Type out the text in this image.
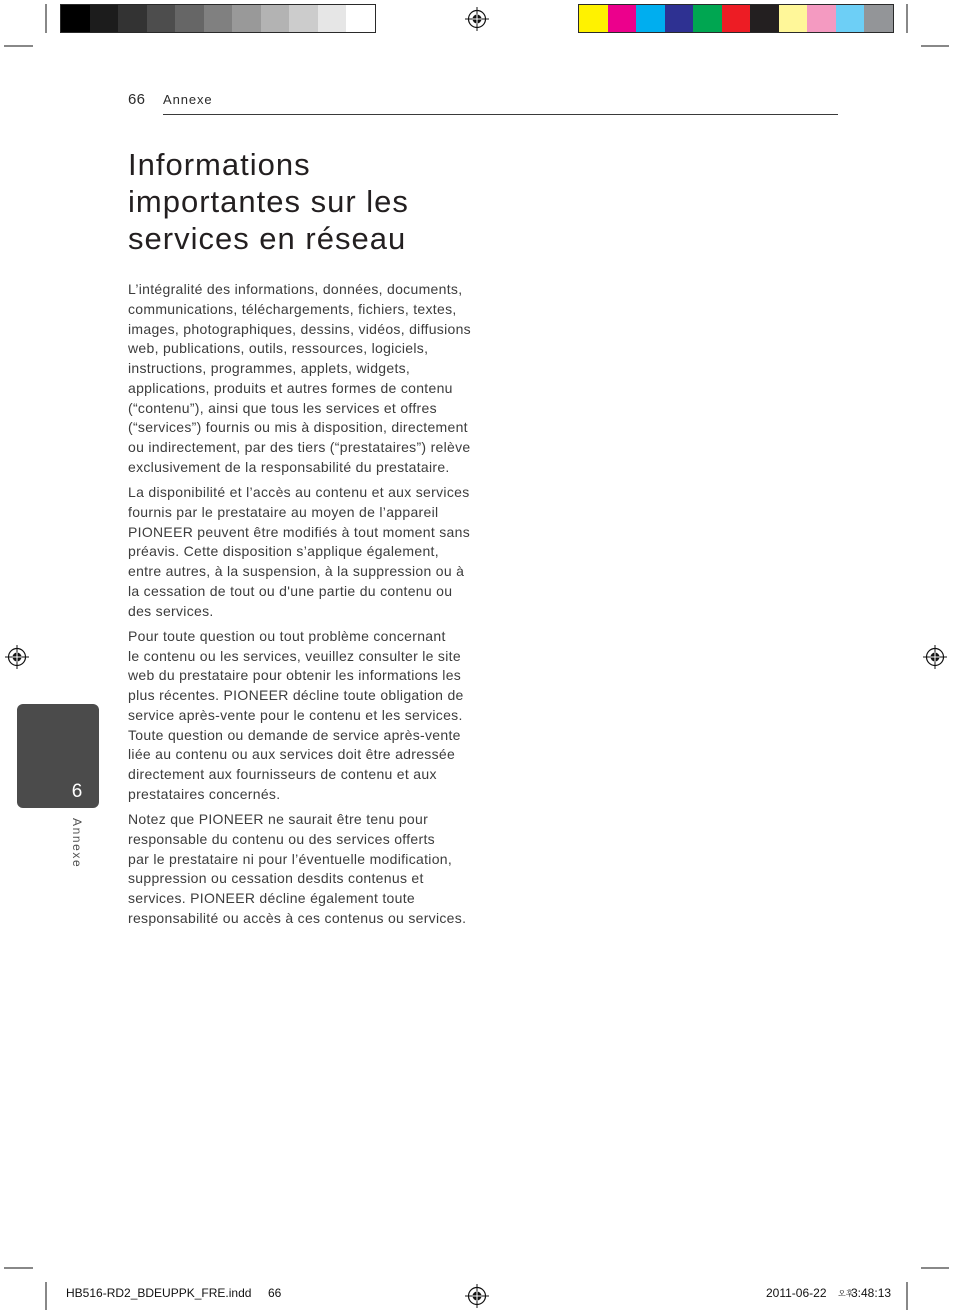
66 Annexe
Informations
importantes sur les
services en réseau
L’intégralité des informations, données, documents,
communications, téléchargements, fichiers, textes,
images, photographiques, dessins, vidéos, diffusions
web, publications, outils, ressources, logiciels,
instructions, programmes, applets, widgets,
applications, produits et autres formes de contenu
(“contenu”), ainsi que tous les services et offres
(“services”) fournis ou mis à disposition, directement
ou indirectement, par des tiers (“prestataires”) relève
exclusivement de la responsabilité du prestataire.
La disponibilité et l’accès au contenu et aux services
fournis par le prestataire au moyen de l’appareil
PIONEER peuvent être modifiés à tout moment sans
préavis. Cette disposition s’applique également,
entre autres, à la suspension, à la suppression ou à
la cessation de tout ou d'une partie du contenu ou
des services.
Pour toute question ou tout problème concernant
le contenu ou les services, veuillez consulter le site
web du prestataire pour obtenir les informations les
plus récentes. PIONEER décline toute obligation de
service après-vente pour le contenu et les services.
Toute question ou demande de service après-vente
liée au contenu ou aux services doit être adressée
directement aux fournisseurs de contenu et aux
prestataires concernés.
Notez que PIONEER ne saurait être tenu pour
responsable du contenu ou des services offerts
par le prestataire ni pour l’éventuelle modification,
suppression ou cessation desdits contenus et
services. PIONEER décline également toute
responsabilité ou accès à ces contenus ou services.
6
Annexe
HB516-RD2_BDEUPPK_FRE.indd 66	2011-06-22 오후
3:48:13
